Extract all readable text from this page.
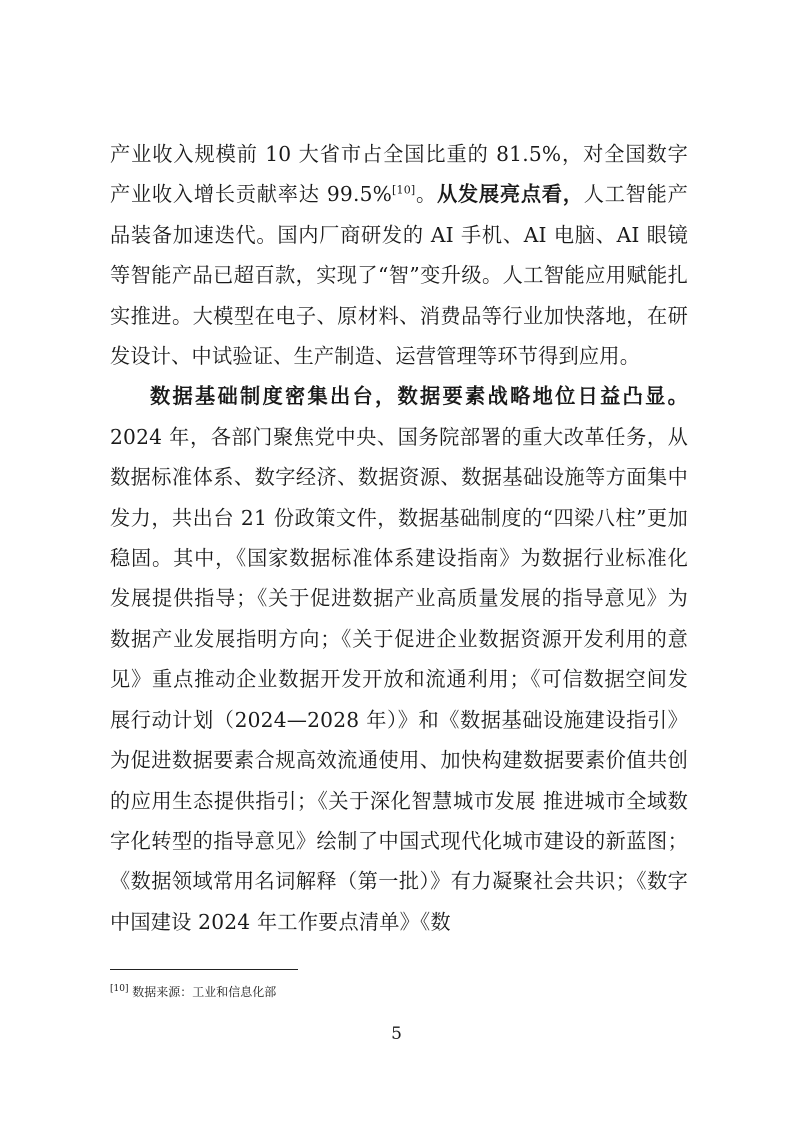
产业收入规模前 10 大省市占全国比重的 81.5%，对全国数字产业收入增长贡献率达 99.5%[10]。从发展亮点看，人工智能产品装备加速迭代。国内厂商研发的 AI 手机、AI 电脑、AI 眼镜等智能产品已超百款，实现了“智”变升级。人工智能应用赋能扎实推进。大模型在电子、原材料、消费品等行业加快落地，在研发设计、中试验证、生产制造、运营管理等环节得到应用。

数据基础制度密集出台，数据要素战略地位日益凸显。2024 年，各部门聚焦党中央、国务院部署的重大改革任务，从数据标准体系、数字经济、数据资源、数据基础设施等方面集中发力，共出台 21 份政策文件，数据基础制度的“四梁八柱”更加稳固。其中，《国家数据标准体系建设指南》为数据行业标准化发展提供指导；《关于促进数据产业高质量发展的指导意见》为数据产业发展指明方向；《关于促进企业数据资源开发利用的意见》重点推动企业数据开发开放和流通利用；《可信数据空间发展行动计划（2024—2028 年）》和《数据基础设施建设指引》为促进数据要素合规高效流通使用、加快构建数据要素价值共创的应用生态提供指引；《关于深化智慧城市发展 推进城市全域数字化转型的指导意见》绘制了中国式现代化城市建设的新蓝图；《数据领域常用名词解释（第一批）》有力凝聚社会共识；《数字中国建设 2024 年工作要点清单》《数

[10] 数据来源：工业和信息化部
5
